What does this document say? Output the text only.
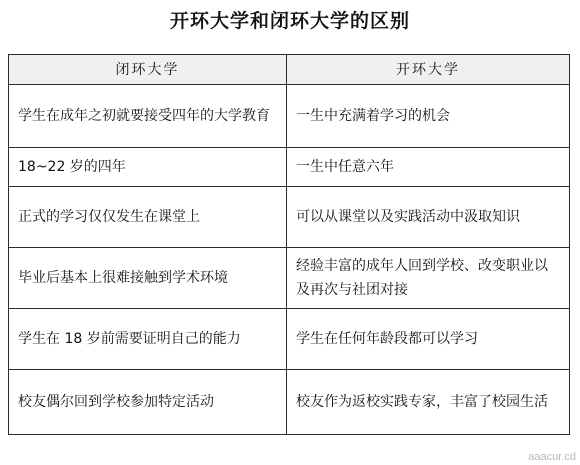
开环大学和闭环大学的区别
闭环大学	开环大学
学生在成年之初就要接受四年的大学教育	一生中充满着学习的机会
18~22 岁的四年	一生中任意六年
正式的学习仅仅发生在课堂上	可以从课堂以及实践活动中汲取知识
毕业后基本上很难接触到学术环境	经验丰富的成年人回到学校、改变职业以及再次与社团对接
学生在 18 岁前需要证明自己的能力	学生在任何年龄段都可以学习
校友偶尔回到学校参加特定活动	校友作为返校实践专家，丰富了校园生活
aaacur.cd
